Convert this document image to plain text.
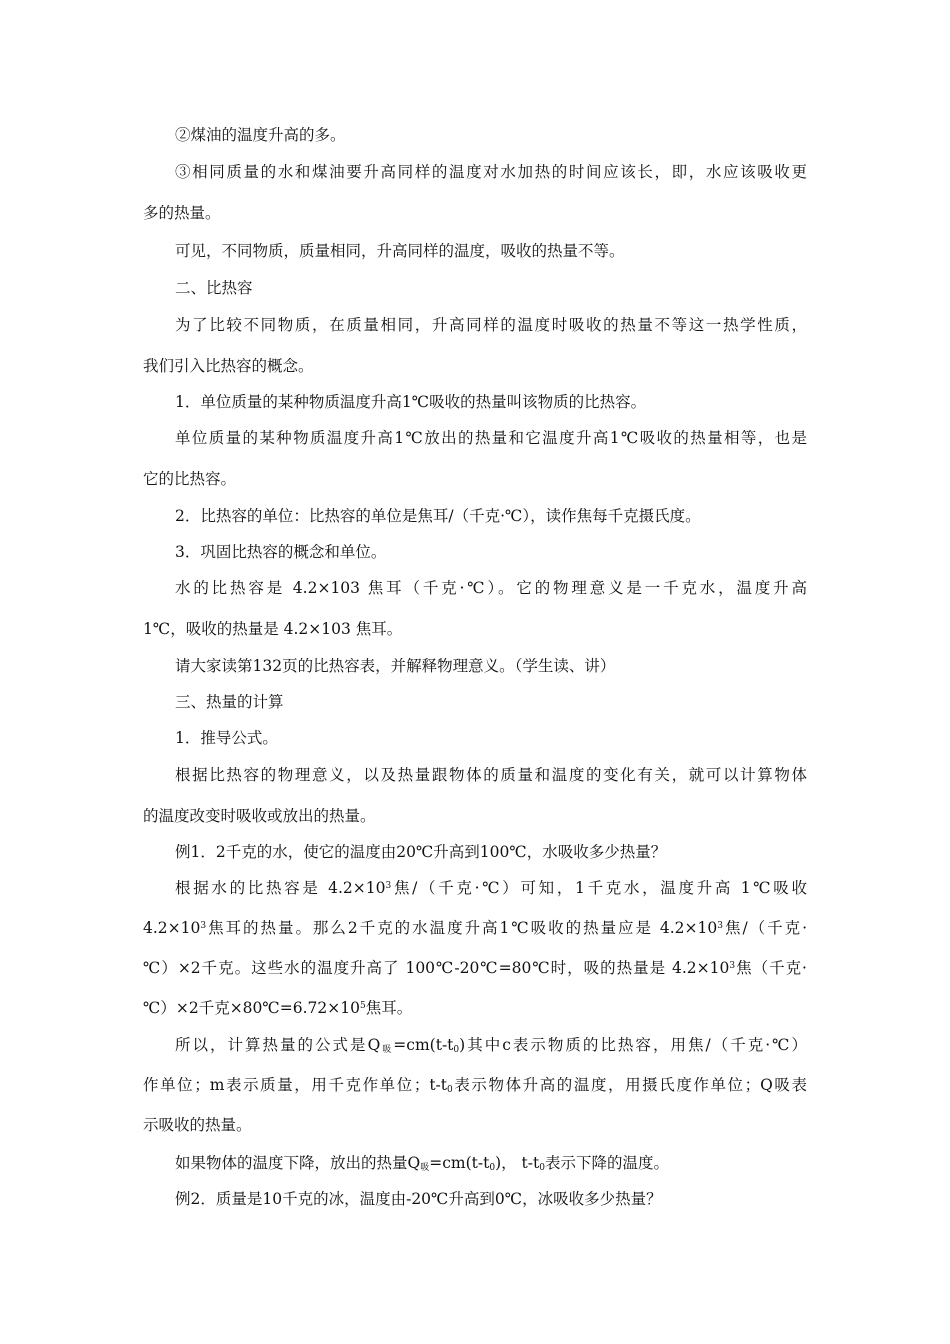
②煤油的温度升高的多。
③相同质量的水和煤油要升高同样的温度对水加热的时间应该长，即，水应该吸收更
多的热量。
可见，不同物质，质量相同，升高同样的温度，吸收的热量不等。
二、比热容
为了比较不同物质，在质量相同，升高同样的温度时吸收的热量不等这一热学性质，
我们引入比热容的概念。
1．单位质量的某种物质温度升高1℃吸收的热量叫该物质的比热容。
单位质量的某种物质温度升高1℃放出的热量和它温度升高1℃吸收的热量相等，也是
它的比热容。
2．比热容的单位：比热容的单位是焦耳/（千克·℃），读作焦每千克摄氏度。
3．巩固比热容的概念和单位。
水的比热容是 4.2×103 焦耳（千克·℃）。它的物理意义是一千克水，温度升高
1℃，吸收的热量是 4.2×103 焦耳。
请大家读第132页的比热容表，并解释物理意义。（学生读、讲）
三、热量的计算
1．推导公式。
根据比热容的物理意义，以及热量跟物体的质量和温度的变化有关，就可以计算物体
的温度改变时吸收或放出的热量。
例1．2千克的水，使它的温度由20℃升高到100℃，水吸收多少热量？
根据水的比热容是 $4.2\times 10^3$焦/（千克·℃）可知，1千克水，温度升高 1℃吸收
$4.2\times 10^3$焦耳的热量。那么2千克的水温度升高1℃吸收的热量应是 $4.2\times 10^3$焦/（千克·
℃）×2千克。这些水的温度升高了 100℃-20℃=80℃时，吸的热量是 $4.2\times 10^3$焦（千克·
℃）×2千克$\times 80℃=6.72\times 10^5$焦耳。
所以，计算热量的公式是$Q_吸=cm(t-t_0)$其中c表示物质的比热容，用焦/（千克·℃）
作单位；m表示质量，用千克作单位；$t-t_0$表示物体升高的温度，用摄氏度作单位；Q吸表
示吸收的热量。
如果物体的温度下降，放出的热量$Q_吸=cm(t-t_0)$， $t-t_0$表示下降的温度。
例2．质量是10千克的冰，温度由-20℃升高到0℃，冰吸收多少热量？
